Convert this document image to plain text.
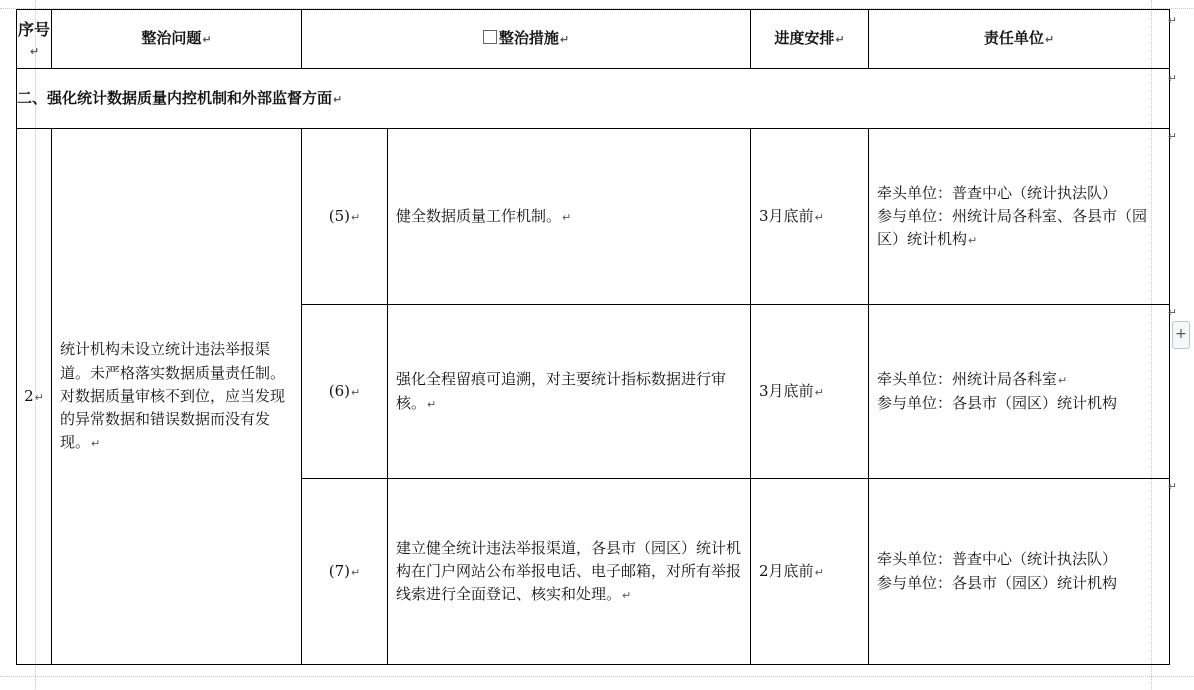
序号↵	整治问题↵	整治措施↵		进度安排↵	责任单位↵
二、强化统计数据质量内控机制和外部监督方面↵					
2↵	统计机构未设立统计违法举报渠道。未严格落实数据质量责任制。对数据质量审核不到位，应当发现的异常数据和错误数据而没有发现。↵	(5)↵	健全数据质量工作机制。↵	3月底前↵	牵头单位：普查中心（统计执法队）
参与单位：州统计局各科室、各县市（园区）统计机构↵

		(6)↵	强化全程留痕可追溯，对主要统计指标数据进行审核。↵	3月底前↵	牵头单位：州统计局各科室↵
参与单位：各县市（园区）统计机构

		(7)↵	建立健全统计违法举报渠道，各县市（园区）统计机构在门户网站公布举报电话、电子邮箱，对所有举报线索进行全面登记、核实和处理。↵	2月底前↵	牵头单位：普查中心（统计执法队）
参与单位：各县市（园区）统计机构
↵
↵
↵
↵
↵
+
